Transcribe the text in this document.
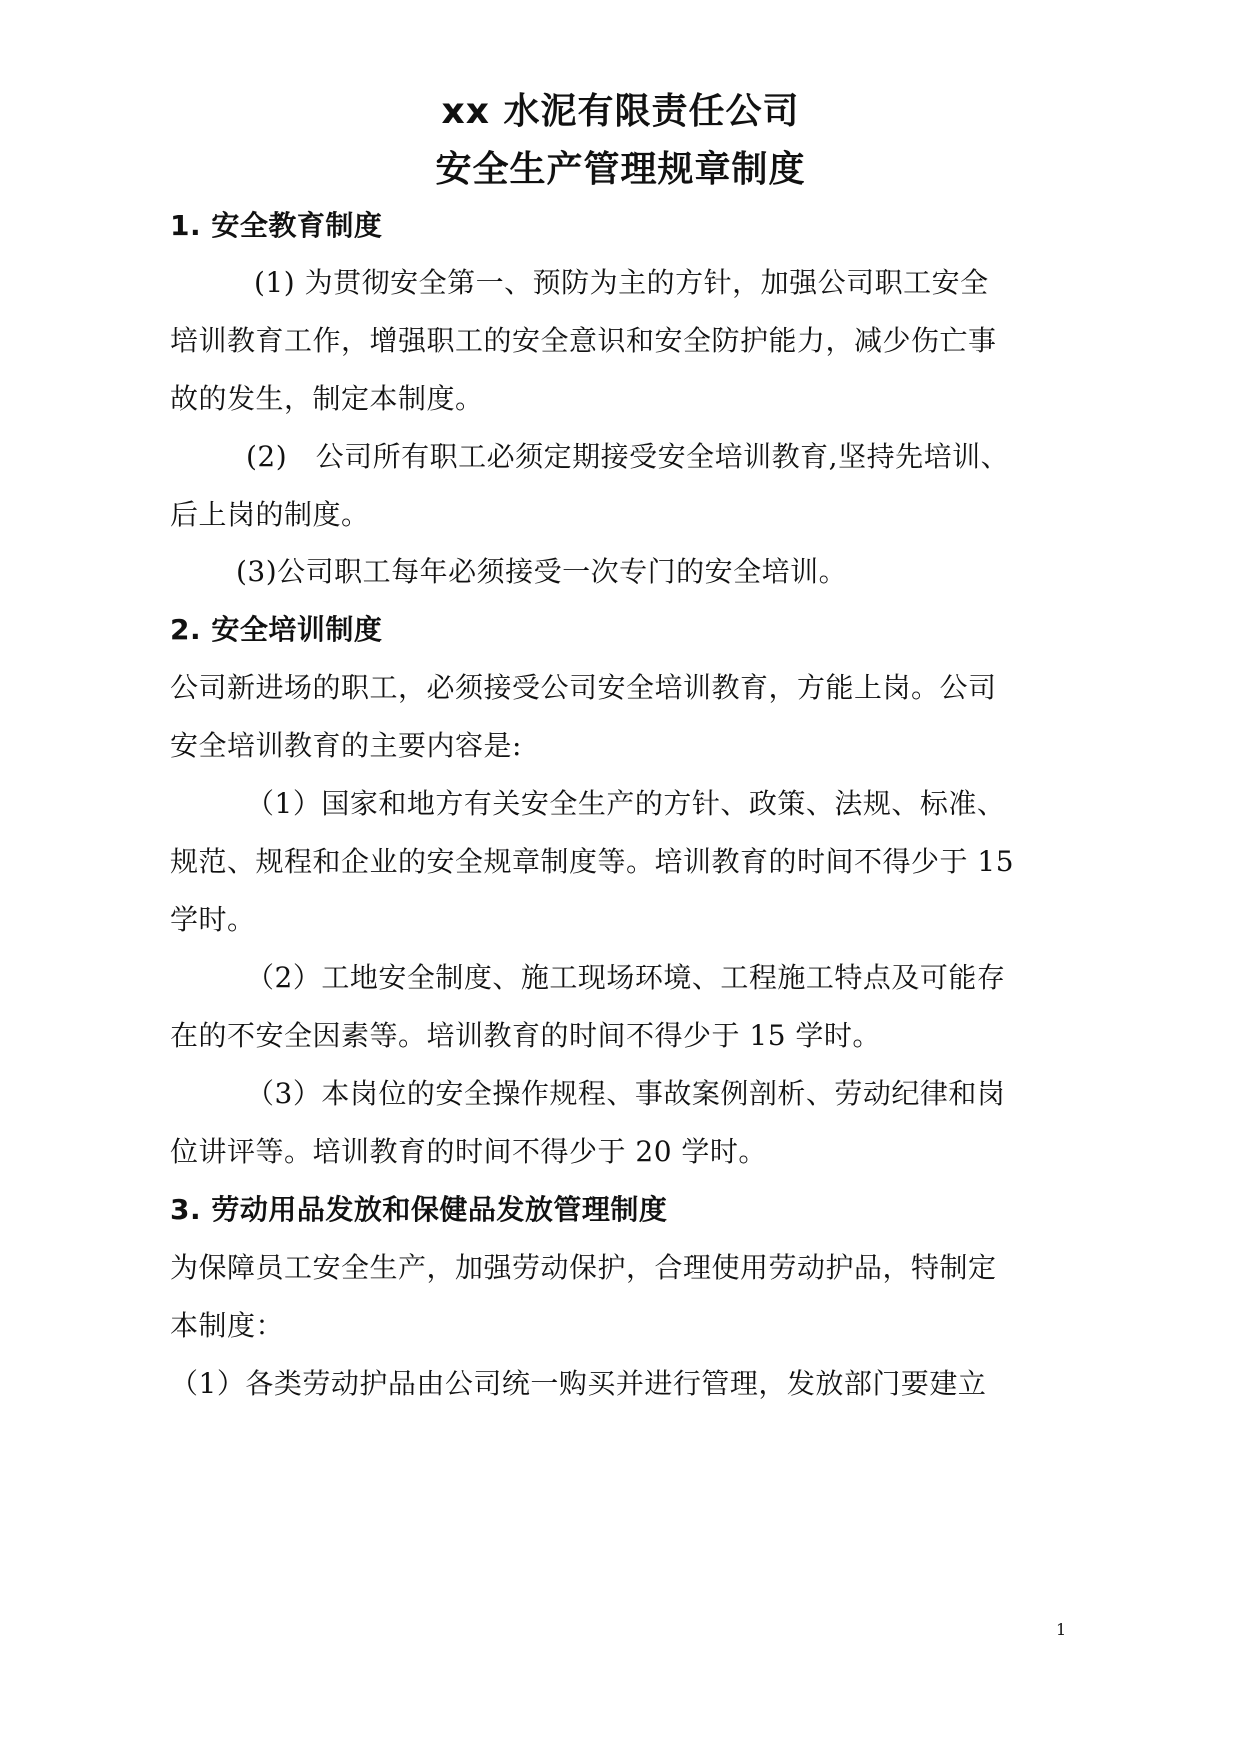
xx 水泥有限责任公司
安全生产管理规章制度
1. 安全教育制度
(1) 为贯彻安全第一、预防为主的方针，加强公司职工安全
培训教育工作，增强职工的安全意识和安全防护能力，减少伤亡事
故的发生，制定本制度。
(2)　公司所有职工必须定期接受安全培训教育,坚持先培训、
后上岗的制度。
(3)公司职工每年必须接受一次专门的安全培训。
2. 安全培训制度
公司新进场的职工，必须接受公司安全培训教育，方能上岗。公司
安全培训教育的主要内容是:
（1）国家和地方有关安全生产的方针、政策、法规、标准、
规范、规程和企业的安全规章制度等。培训教育的时间不得少于 15
学时。
（2）工地安全制度、施工现场环境、工程施工特点及可能存
在的不安全因素等。培训教育的时间不得少于 15 学时。
（3）本岗位的安全操作规程、事故案例剖析、劳动纪律和岗
位讲评等。培训教育的时间不得少于 20 学时。
3. 劳动用品发放和保健品发放管理制度
为保障员工安全生产，加强劳动保护，合理使用劳动护品，特制定
本制度：
（1）各类劳动护品由公司统一购买并进行管理，发放部门要建立
1
